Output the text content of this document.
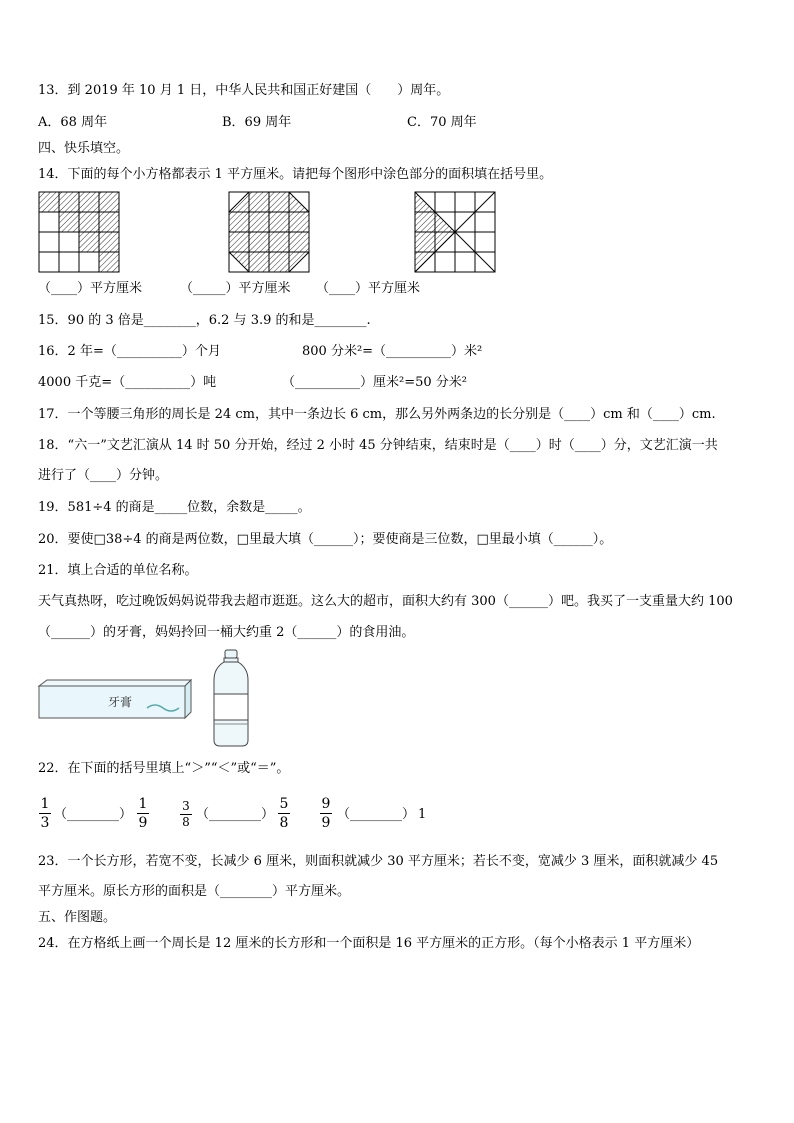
13．到 2019 年 10 月 1 日，中华人民共和国正好建国（　　）周年。
A．68 周年	B．69 周年	C．70 周年
四、快乐填空。
14．下面的每个小方格都表示 1 平方厘米。请把每个图形中涂色部分的面积填在括号里。
（____）平方厘米	（_____）平方厘米 （____）平方厘米
15．90 的 3 倍是________，6.2 与 3.9 的和是________.
16．2 年=（__________）个月	800 分米²=（__________）米²
4000 千克=（__________）吨	（__________）厘米²=50 分米²
17．一个等腰三角形的周长是 24 cm，其中一条边长 6 cm，那么另外两条边的长分别是（____）cm 和（____）cm.
18．“六一”文艺汇演从 14 时 50 分开始，经过 2 小时 45 分钟结束，结束时是（____）时（____）分，文艺汇演一共
进行了（____）分钟。
19．581÷4 的商是_____位数，余数是_____。
20．要使□38÷4 的商是两位数，□里最大填（______）；要使商是三位数，□里最小填（______）。
21．填上合适的单位名称。
天气真热呀，吃过晚饭妈妈说带我去超市逛逛。这么大的超市，面积大约有 300（______）吧。我买了一支重量大约 100
（______）的牙膏，妈妈拎回一桶大约重 2（______）的食用油。
牙膏
22．在下面的括号里填上“＞”“＜”或“＝”。
1
3
（________）
1
9
3
8 （________）
5
8
9
9
（________） 1
23．一个长方形，若宽不变，长减少 6 厘米，则面积就减少 30 平方厘米；若长不变，宽减少 3 厘米，面积就减少 45
平方厘米。原长方形的面积是（________）平方厘米。
五、作图题。
24．在方格纸上画一个周长是 12 厘米的长方形和一个面积是 16 平方厘米的正方形。（每个小格表示 1 平方厘米）
